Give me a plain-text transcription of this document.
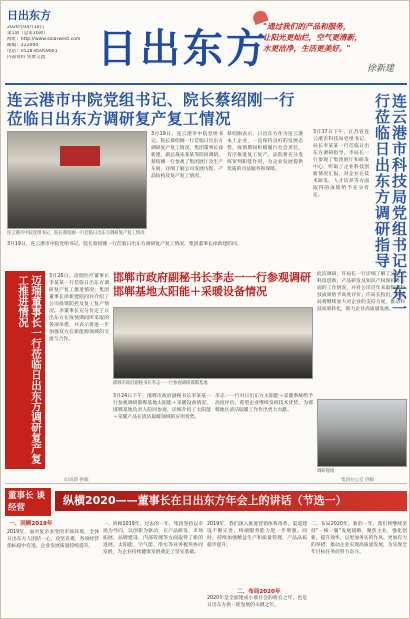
日出东方
2020年04月10日
第1期（总第16期）
网址：http://www.solarwest.com
邮编：222000
电话：0518-85959001
内部资料 免费交流	日出东方
"通过我们的产品和服务，
让阳光更灿烂，空气更清新，
水更洁净，生活更美好。"
徐新建
连云港市中院党组书记、院长蔡绍刚一行莅临日出东方调研复产复工情况
连云港市中院党组书记、院长蔡绍刚一行莅临日出东方调研复产复工情况
3月19日，连云港市中院党组书记、院长蔡绍刚一行莅临日出东方调研复产复工情况，集团董事长徐新建、副总裁朱某某等陪同调研。蔡绍刚一行参观了集团展厅及生产车间，详细了解公司发展历程、产品结构及复产复工情况。
蔡绍刚表示，日出东方作为连云港本土企业，一直保持良好的发展态势，疫情期间积极履行社会责任，有序推进复工复产。法院将充分发挥审判职能作用，为企业发展提供优质的司法服务和保障。
3月19日，连云港市中院党组书记、院长蔡绍刚一行莅临日出东方调研复产复工情况，集团董事长徐新建陪同。
3月17日下午，江苏省连云港市科技局党组书记、局长李某某一行莅临日出东方调研指导。李局长一行参观了集团展厅和研发中心，听取了企业科技创新情况汇报，对企业在技术研发、人才培养等方面取得的成绩给予充分肯定。	连云港市科技局党组书记许东一行莅临日出东方调研指导
迈瑞董事长一行莅临日出东方调研复产复工推进情况	3月26日，迈瑞医疗董事长李某某一行莅临日出东方调研复产复工推进情况。集团董事长徐新建陪同并介绍了公司疫情防控及复工复产情况。李董事长充分肯定了日出东方在疫情期间所采取的各项举措，并表示将进一步加强双方在新能源领域的交流与合作。
邯郸市政府副秘书长李志一一行参观调研邯郸基地太阳能＋采暖设备情况
邯郸市政府副秘书长李志一一行参观调研邯郸基地
3月24日下午，邯郸市政府副秘书长李某某一行参观调研邯郸基地太阳能＋采暖设备情况。邯郸基地负责人陪同参观，详细介绍了太阳能＋采暖产品在清洁取暖领域的应用优势。
李志一一行对日出东方太阳能＋采暖系统给予高度评价，希望企业继续发挥技术优势，为邯郸地区清洁取暖工作作出更大贡献。
此次调研，许局长一行详细了解了公司在科技创新、产品研发及知识产权保护等方面的工作情况，并对公司近年来取得的科技成果给予高度评价。许局长指出，科技局将继续加大对企业的支持力度，推动科技成果转化，助力企业高质量发展。
调研现场
文/高新 供稿	集团办公室 供稿
董事长 谈经营
纵横2020——董事长在日出东方年会上的讲话（节选一）
一、回顾2019年
2019年，面对复杂多变的市场环境，全体日出东方人团结一心，攻坚克难，各项经营指标稳中有进，企业发展质量持续提升。
一、回顾2019年。过去的一年，集团坚持以市场为导向，以创新为驱动，在产品研发、市场拓展、品牌建设、内部管理等方面取得了新的进展。太阳能、空气能、净水等业务板块协同发展，为企业持续健康发展奠定了坚实基础。
2019年，我们深入推进营销体系改革，渠道建设不断完善，终端服务能力进一步增强。同时，持续加强精益生产和质量管理，产品品质稳步提升。
二、布局2020年
2020年是全面建成小康社会的收官之年，也是日出东方新一轮发展的关键之年。
二、布局2020年。新的一年，我们将继续坚持"一核一翼"发展战略，聚焦主业，强化创新，提升效率，以更加务实的作风、更加有力的举措，推动企业实现高质量发展，为实现全年目标任务而努力奋斗。
